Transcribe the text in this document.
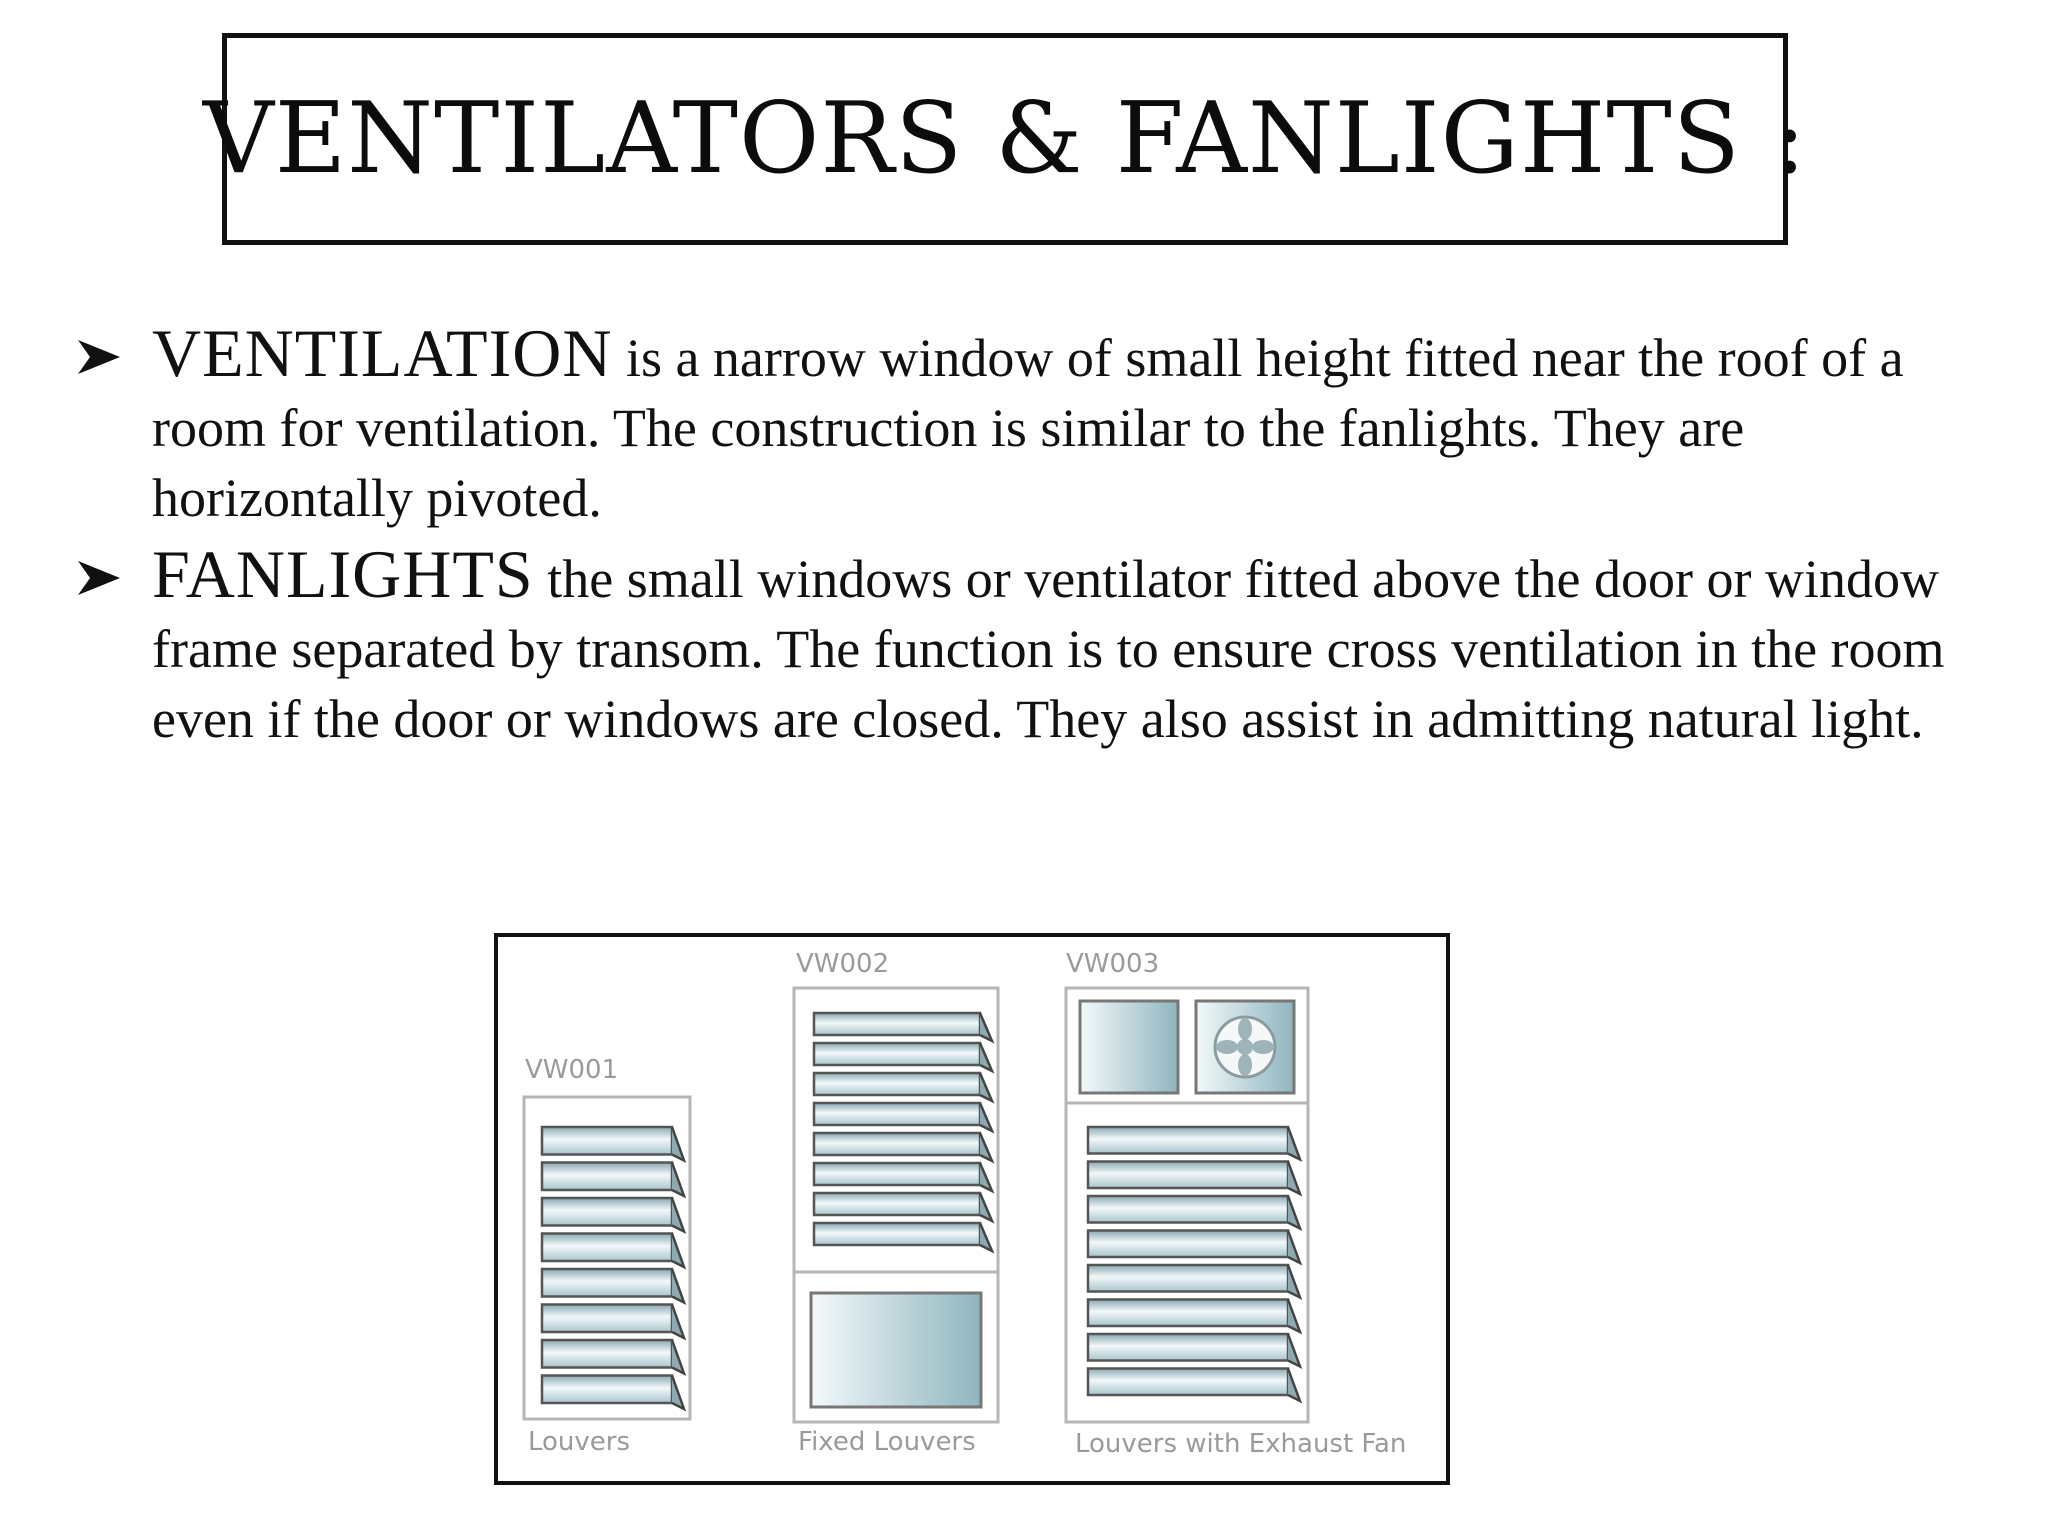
VENTILATORS & FANLIGHTS :
VENTILATION is a narrow window of small height fitted near the roof of a room for ventilation. The construction is similar to the fanlights. They are horizontally pivoted.
FANLIGHTS the small windows or ventilator fitted above the door or window frame separated by transom. The function is to ensure cross ventilation in the room even if the door or windows are closed. They also assist in admitting natural light.
VW001
VW002	VW003
Louvers	Fixed Louvers	Louvers with Exhaust Fan
